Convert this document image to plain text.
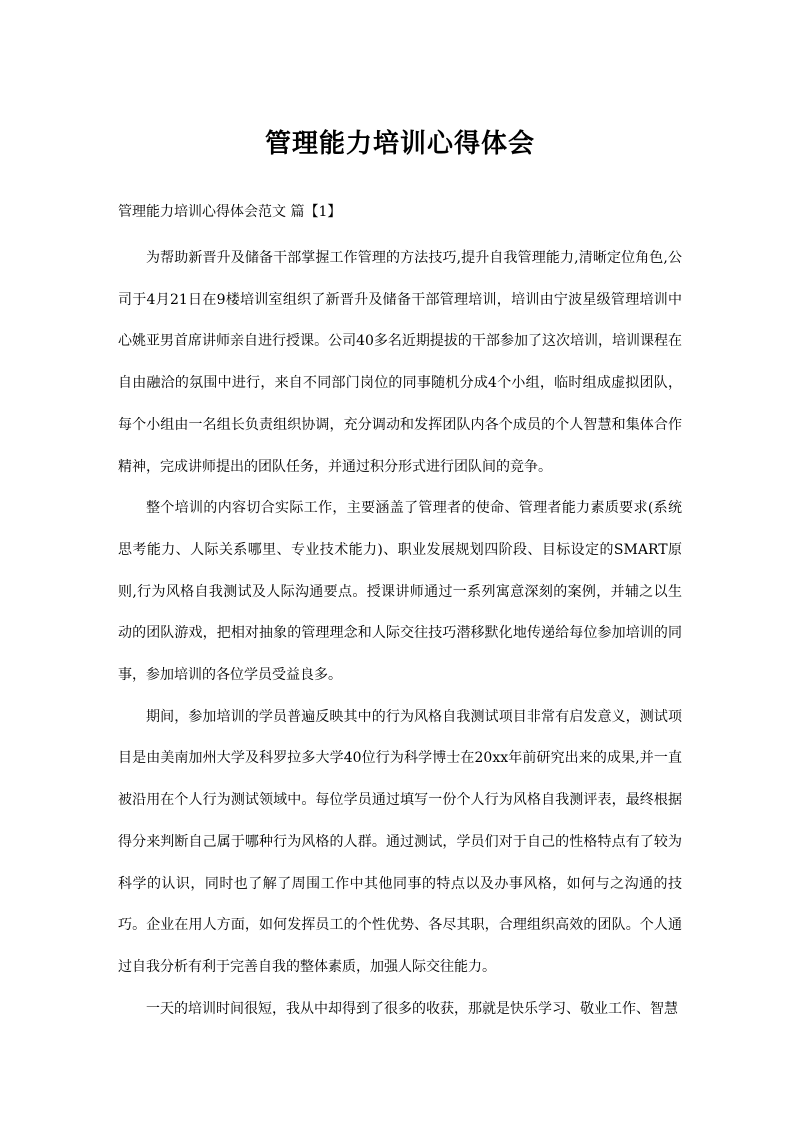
管理能力培训心得体会

管理能力培训心得体会范文 篇【1】

为帮助新晋升及储备干部掌握工作管理的方法技巧,提升自我管理能力,清晰定位角色,公司于4月21日在9楼培训室组织了新晋升及储备干部管理培训，培训由宁波星级管理培训中心姚亚男首席讲师亲自进行授课。公司40多名近期提拔的干部参加了这次培训，培训课程在自由融洽的氛围中进行，来自不同部门岗位的同事随机分成4个小组，临时组成虚拟团队，每个小组由一名组长负责组织协调，充分调动和发挥团队内各个成员的个人智慧和集体合作精神，完成讲师提出的团队任务，并通过积分形式进行团队间的竞争。

整个培训的内容切合实际工作，主要涵盖了管理者的使命、管理者能力素质要求(系统思考能力、人际关系哪里、专业技术能力)、职业发展规划四阶段、目标设定的SMART原则,行为风格自我测试及人际沟通要点。授课讲师通过一系列寓意深刻的案例，并辅之以生动的团队游戏，把相对抽象的管理理念和人际交往技巧潜移默化地传递给每位参加培训的同事，参加培训的各位学员受益良多。

期间，参加培训的学员普遍反映其中的行为风格自我测试项目非常有启发意义，测试项目是由美南加州大学及科罗拉多大学40位行为科学博士在20xx年前研究出来的成果,并一直被沿用在个人行为测试领域中。每位学员通过填写一份个人行为风格自我测评表，最终根据得分来判断自己属于哪种行为风格的人群。通过测试，学员们对于自己的性格特点有了较为科学的认识，同时也了解了周围工作中其他同事的特点以及办事风格，如何与之沟通的技巧。企业在用人方面，如何发挥员工的个性优势、各尽其职，合理组织高效的团队。个人通过自我分析有利于完善自我的整体素质，加强人际交往能力。

一天的培训时间很短，我从中却得到了很多的收获，那就是快乐学习、敬业工作、智慧
